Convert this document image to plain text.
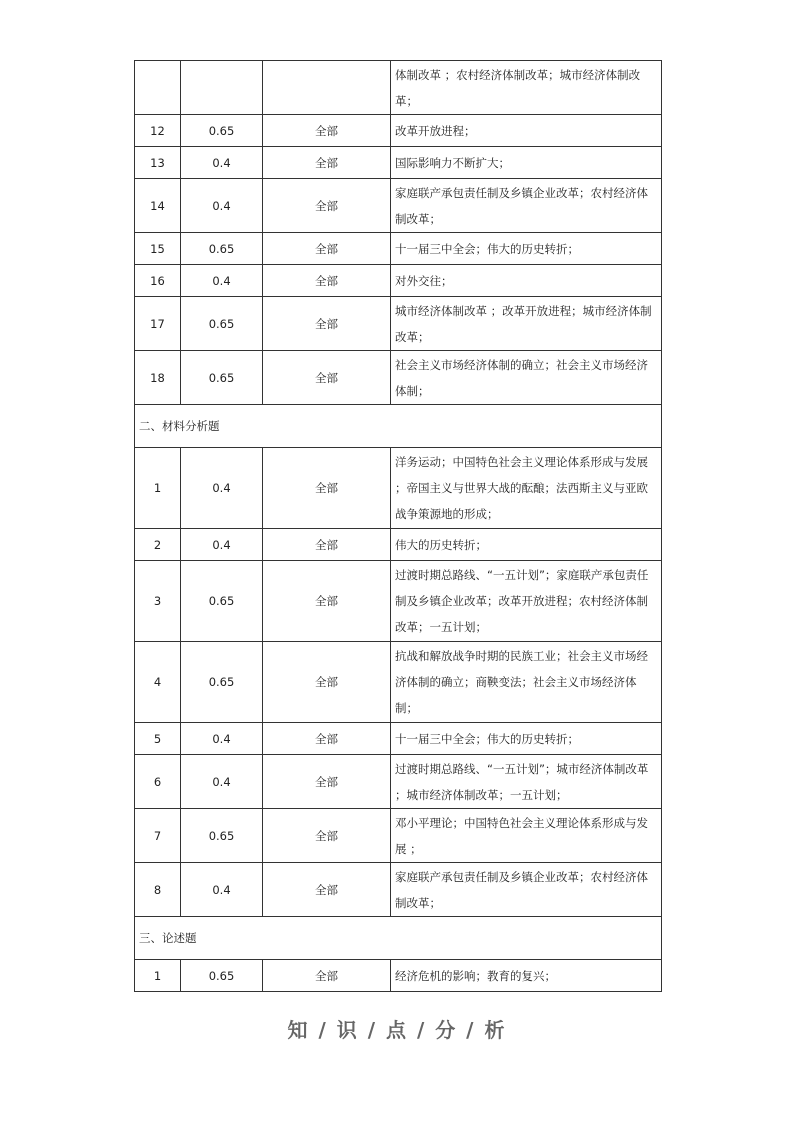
			体制改革 ；农村经济体制改革；城市经济体制改革；
12	0.65	全部	改革开放进程；
13	0.4	全部	国际影响力不断扩大；
14	0.4	全部	家庭联产承包责任制及乡镇企业改革；农村经济体制改革；
15	0.65	全部	十一届三中全会；伟大的历史转折；
16	0.4	全部	对外交往；
17	0.65	全部	城市经济体制改革 ；改革开放进程；城市经济体制改革；
18	0.65	全部	社会主义市场经济体制的确立；社会主义市场经济体制；
二、材料分析题			
1	0.4	全部	洋务运动；中国特色社会主义理论体系形成与发展 ；帝国主义与世界大战的酝酿；法西斯主义与亚欧战争策源地的形成；
2	0.4	全部	伟大的历史转折；
3	0.65	全部	过渡时期总路线、“一五计划”；家庭联产承包责任制及乡镇企业改革；改革开放进程；农村经济体制改革；一五计划；
4	0.65	全部	抗战和解放战争时期的民族工业；社会主义市场经济体制的确立；商鞅变法；社会主义市场经济体制；
5	0.4	全部	十一届三中全会；伟大的历史转折；
6	0.4	全部	过渡时期总路线、“一五计划”；城市经济体制改革 ；城市经济体制改革；一五计划；
7	0.65	全部	邓小平理论；中国特色社会主义理论体系形成与发展 ；
8	0.4	全部	家庭联产承包责任制及乡镇企业改革；农村经济体制改革；
三、论述题			
1	0.65	全部	经济危机的影响；教育的复兴；
知 / 识 / 点 / 分 / 析
